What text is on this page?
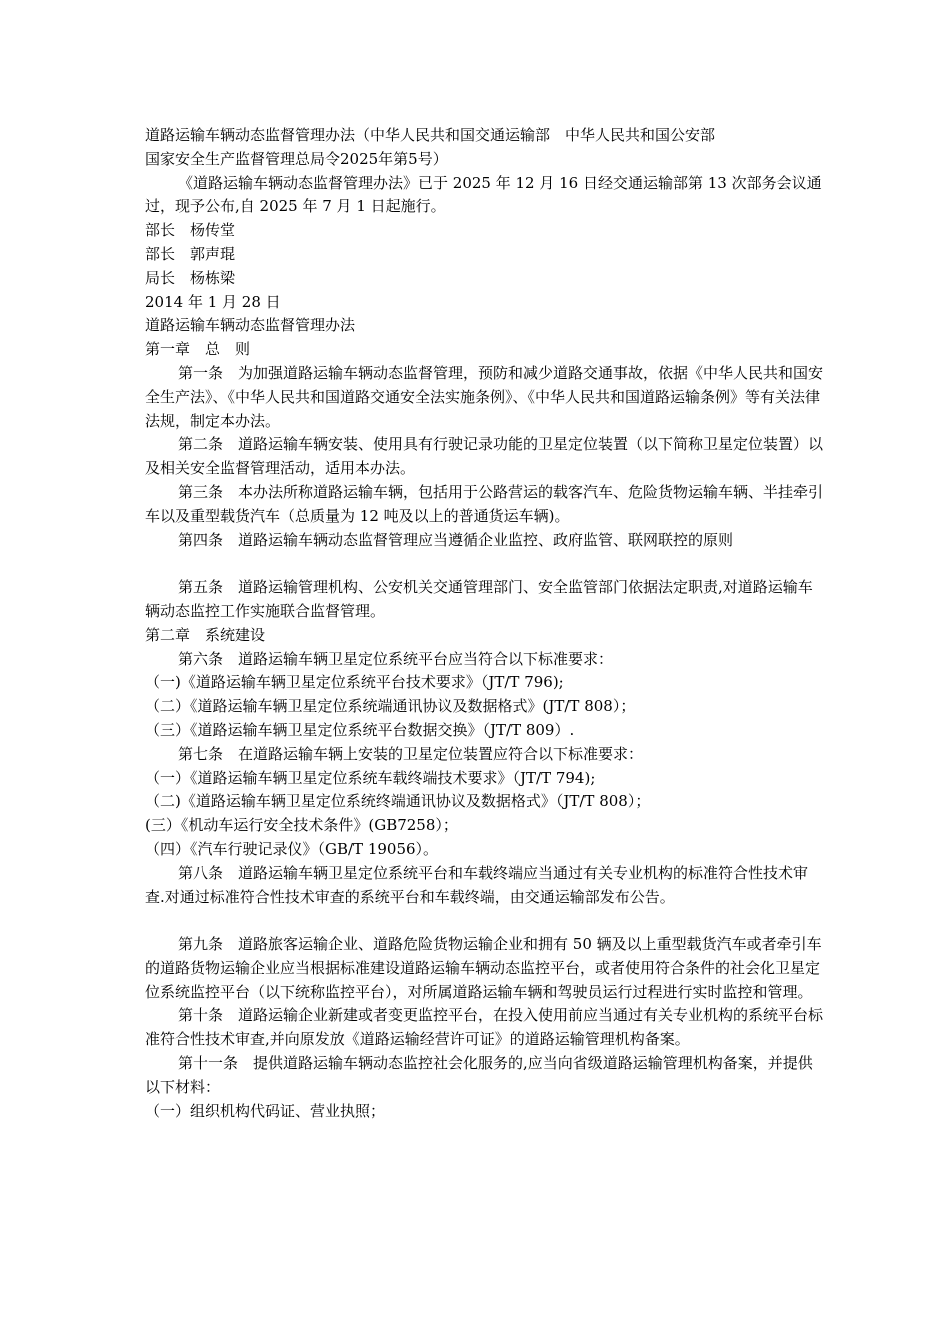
道路运输车辆动态监督管理办法（中华人民共和国交通运输部　中华人民共和国公安部

国家安全生产监督管理总局令2025年第5号）

《道路运输车辆动态监督管理办法》已于 2025 年 12 月 16 日经交通运输部第 13 次部务会议通过，现予公布,自 2025 年 7 月 1 日起施行。

部长　杨传堂

部长　郭声琨

局长　杨栋梁

2014 年 1 月 28 日

道路运输车辆动态监督管理办法

第一章　总　则

第一条　为加强道路运输车辆动态监督管理，预防和减少道路交通事故，依据《中华人民共和国安全生产法》、《中华人民共和国道路交通安全法实施条例》、《中华人民共和国道路运输条例》等有关法律法规，制定本办法。

第二条　道路运输车辆安装、使用具有行驶记录功能的卫星定位装置（以下简称卫星定位装置）以及相关安全监督管理活动，适用本办法。

第三条　本办法所称道路运输车辆，包括用于公路营运的载客汽车、危险货物运输车辆、半挂牵引车以及重型载货汽车（总质量为 12 吨及以上的普通货运车辆)。

第四条　道路运输车辆动态监督管理应当遵循企业监控、政府监管、联网联控的原则

第五条　道路运输管理机构、公安机关交通管理部门、安全监管部门依据法定职责,对道路运输车辆动态监控工作实施联合监督管理。

第二章　系统建设

第六条　道路运输车辆卫星定位系统平台应当符合以下标准要求：

（一)《道路运输车辆卫星定位系统平台技术要求》（JT/T 796);

（二）《道路运输车辆卫星定位系统端通讯协议及数据格式》(JT/T 808）；

（三）《道路运输车辆卫星定位系统平台数据交换》（JT/T 809）.

第七条　在道路运输车辆上安装的卫星定位装置应符合以下标准要求：

（一）《道路运输车辆卫星定位系统车载终端技术要求》（JT/T 794);

（二)《道路运输车辆卫星定位系统终端通讯协议及数据格式》（JT/T 808）；

(三）《机动车运行安全技术条件》(GB7258）；

（四）《汽车行驶记录仪》（GB/T 19056）。

第八条　道路运输车辆卫星定位系统平台和车载终端应当通过有关专业机构的标准符合性技术审查.对通过标准符合性技术审查的系统平台和车载终端，由交通运输部发布公告。

第九条　道路旅客运输企业、道路危险货物运输企业和拥有 50 辆及以上重型载货汽车或者牵引车的道路货物运输企业应当根据标准建设道路运输车辆动态监控平台，或者使用符合条件的社会化卫星定位系统监控平台（以下统称监控平台），对所属道路运输车辆和驾驶员运行过程进行实时监控和管理。

第十条　道路运输企业新建或者变更监控平台，在投入使用前应当通过有关专业机构的系统平台标准符合性技术审查,并向原发放《道路运输经营许可证》的道路运输管理机构备案。

第十一条　提供道路运输车辆动态监控社会化服务的,应当向省级道路运输管理机构备案，并提供以下材料：

（一）组织机构代码证、营业执照；
